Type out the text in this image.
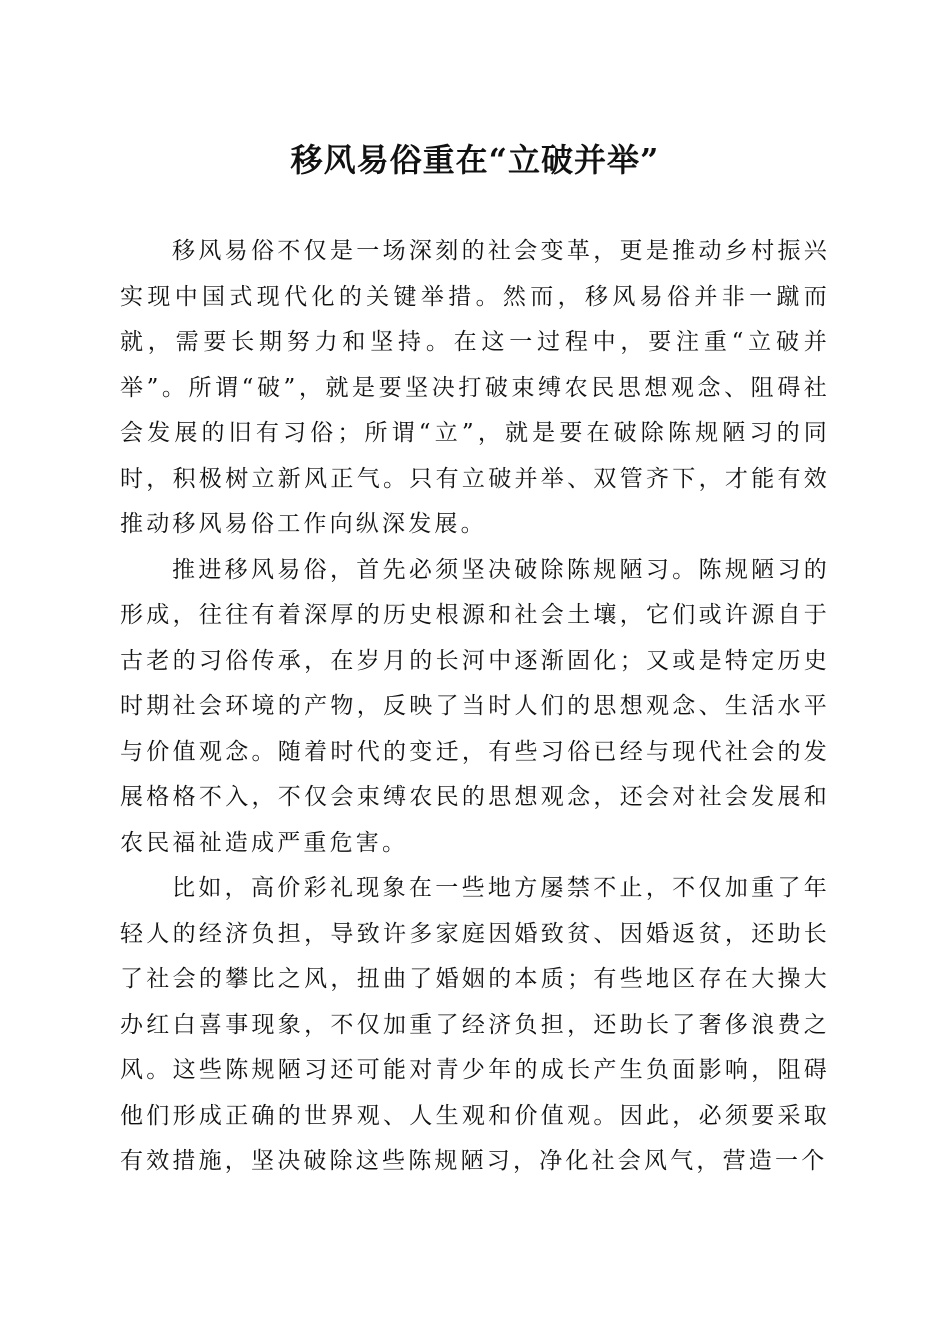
移风易俗重在“立破并举”

移风易俗不仅是一场深刻的社会变革，更是推动乡村振兴实现中国式现代化的关键举措。然而，移风易俗并非一蹴而就，需要长期努力和坚持。在这一过程中，要注重“立破并举”。所谓“破”，就是要坚决打破束缚农民思想观念、阻碍社会发展的旧有习俗；所谓“立”，就是要在破除陈规陋习的同时，积极树立新风正气。只有立破并举、双管齐下，才能有效推动移风易俗工作向纵深发展。

推进移风易俗，首先必须坚决破除陈规陋习。陈规陋习的形成，往往有着深厚的历史根源和社会土壤，它们或许源自于古老的习俗传承，在岁月的长河中逐渐固化；又或是特定历史时期社会环境的产物，反映了当时人们的思想观念、生活水平与价值观念。随着时代的变迁，有些习俗已经与现代社会的发展格格不入，不仅会束缚农民的思想观念，还会对社会发展和农民福祉造成严重危害。

比如，高价彩礼现象在一些地方屡禁不止，不仅加重了年轻人的经济负担，导致许多家庭因婚致贫、因婚返贫，还助长了社会的攀比之风，扭曲了婚姻的本质；有些地区存在大操大办红白喜事现象，不仅加重了经济负担，还助长了奢侈浪费之风。这些陈规陋习还可能对青少年的成长产生负面影响，阻碍他们形成正确的世界观、人生观和价值观。因此，必须要采取有效措施，坚决破除这些陈规陋习，净化社会风气，营造一个
